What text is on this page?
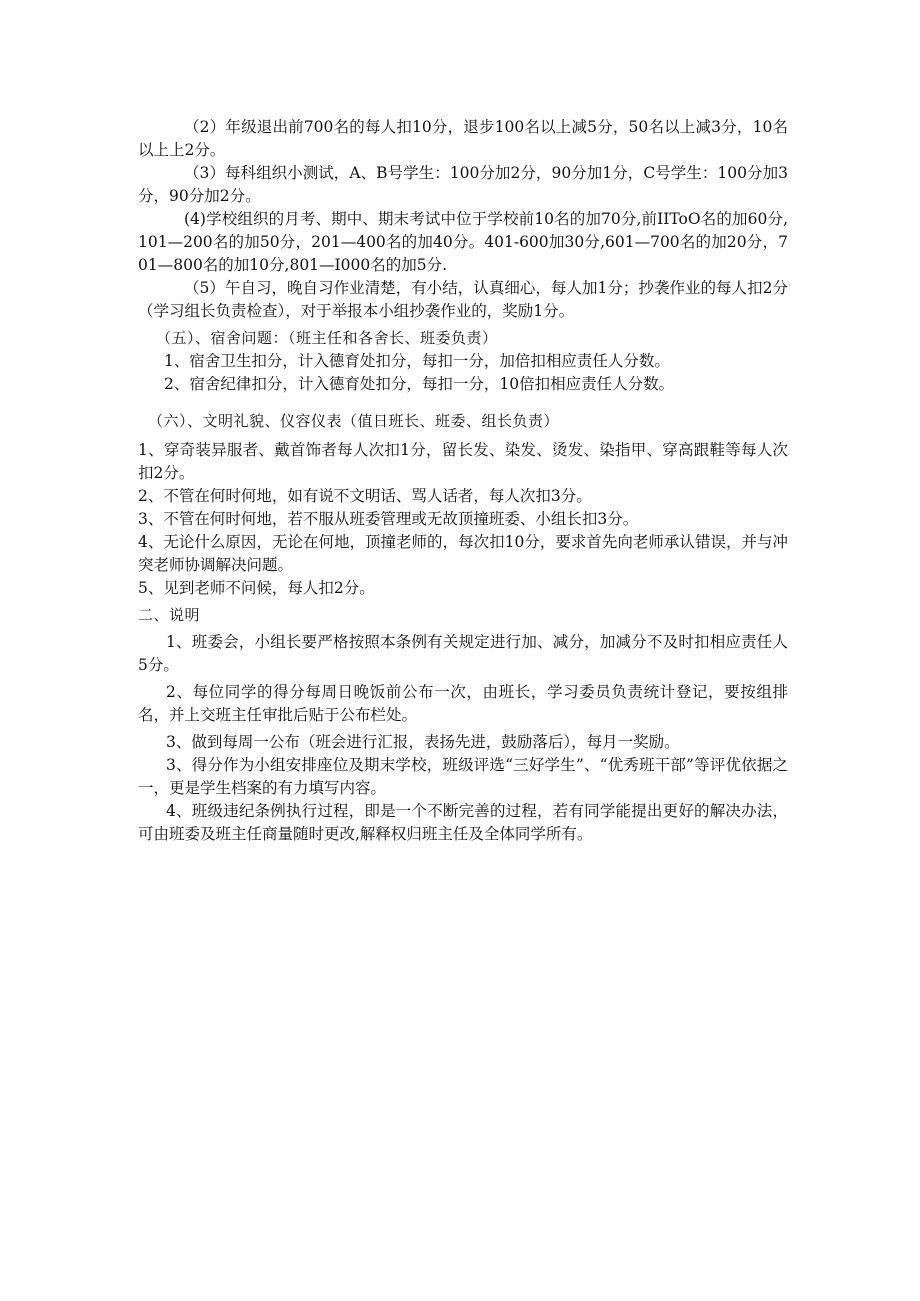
（2）年级退出前700名的每人扣10分，退步100名以上减5分，50名以上减3分，10名以上上2分。

（3）每科组织小测试，A、B号学生：100分加2分，90分加1分，C号学生：100分加3分，90分加2分。

(4)学校组织的月考、期中、期末考试中位于学校前10名的加70分,前IIToO名的加60分,101—200名的加50分，201—400名的加40分。401-600加30分,601—700名的加20分，701—800名的加10分,801—I000名的加5分.

（5）午自习，晚自习作业清楚，有小结，认真细心，每人加1分；抄袭作业的每人扣2分（学习组长负责检查），对于举报本小组抄袭作业的，奖励1分。

（五）、宿舍问题：（班主任和各舍长、班委负责）

1、宿舍卫生扣分，计入德育处扣分，每扣一分，加倍扣相应责任人分数。

2、宿舍纪律扣分，计入德育处扣分，每扣一分，10倍扣相应责任人分数。

（六）、文明礼貌、仪容仪表（值日班长、班委、组长负责）

1、穿奇装异服者、戴首饰者每人次扣1分，留长发、染发、烫发、染指甲、穿高跟鞋等每人次扣2分。

2、不管在何时何地，如有说不文明话、骂人话者，每人次扣3分。

3、不管在何时何地，若不服从班委管理或无故顶撞班委、小组长扣3分。

4、无论什么原因，无论在何地，顶撞老师的，每次扣10分，要求首先向老师承认错误，并与冲突老师协调解决问题。

5、见到老师不问候，每人扣2分。

二、说明

1、班委会，小组长要严格按照本条例有关规定进行加、减分，加减分不及时扣相应责任人5分。

2、每位同学的得分每周日晚饭前公布一次，由班长，学习委员负责统计登记，要按组排名，并上交班主任审批后贴于公布栏处。

3、做到每周一公布（班会进行汇报，表扬先进，鼓励落后），每月一奖励。

3、得分作为小组安排座位及期末学校，班级评选“三好学生”、“优秀班干部”等评优依据之一，更是学生档案的有力填写内容。

4、班级违纪条例执行过程，即是一个不断完善的过程，若有同学能提出更好的解决办法，可由班委及班主任商量随时更改,解释权归班主任及全体同学所有。
